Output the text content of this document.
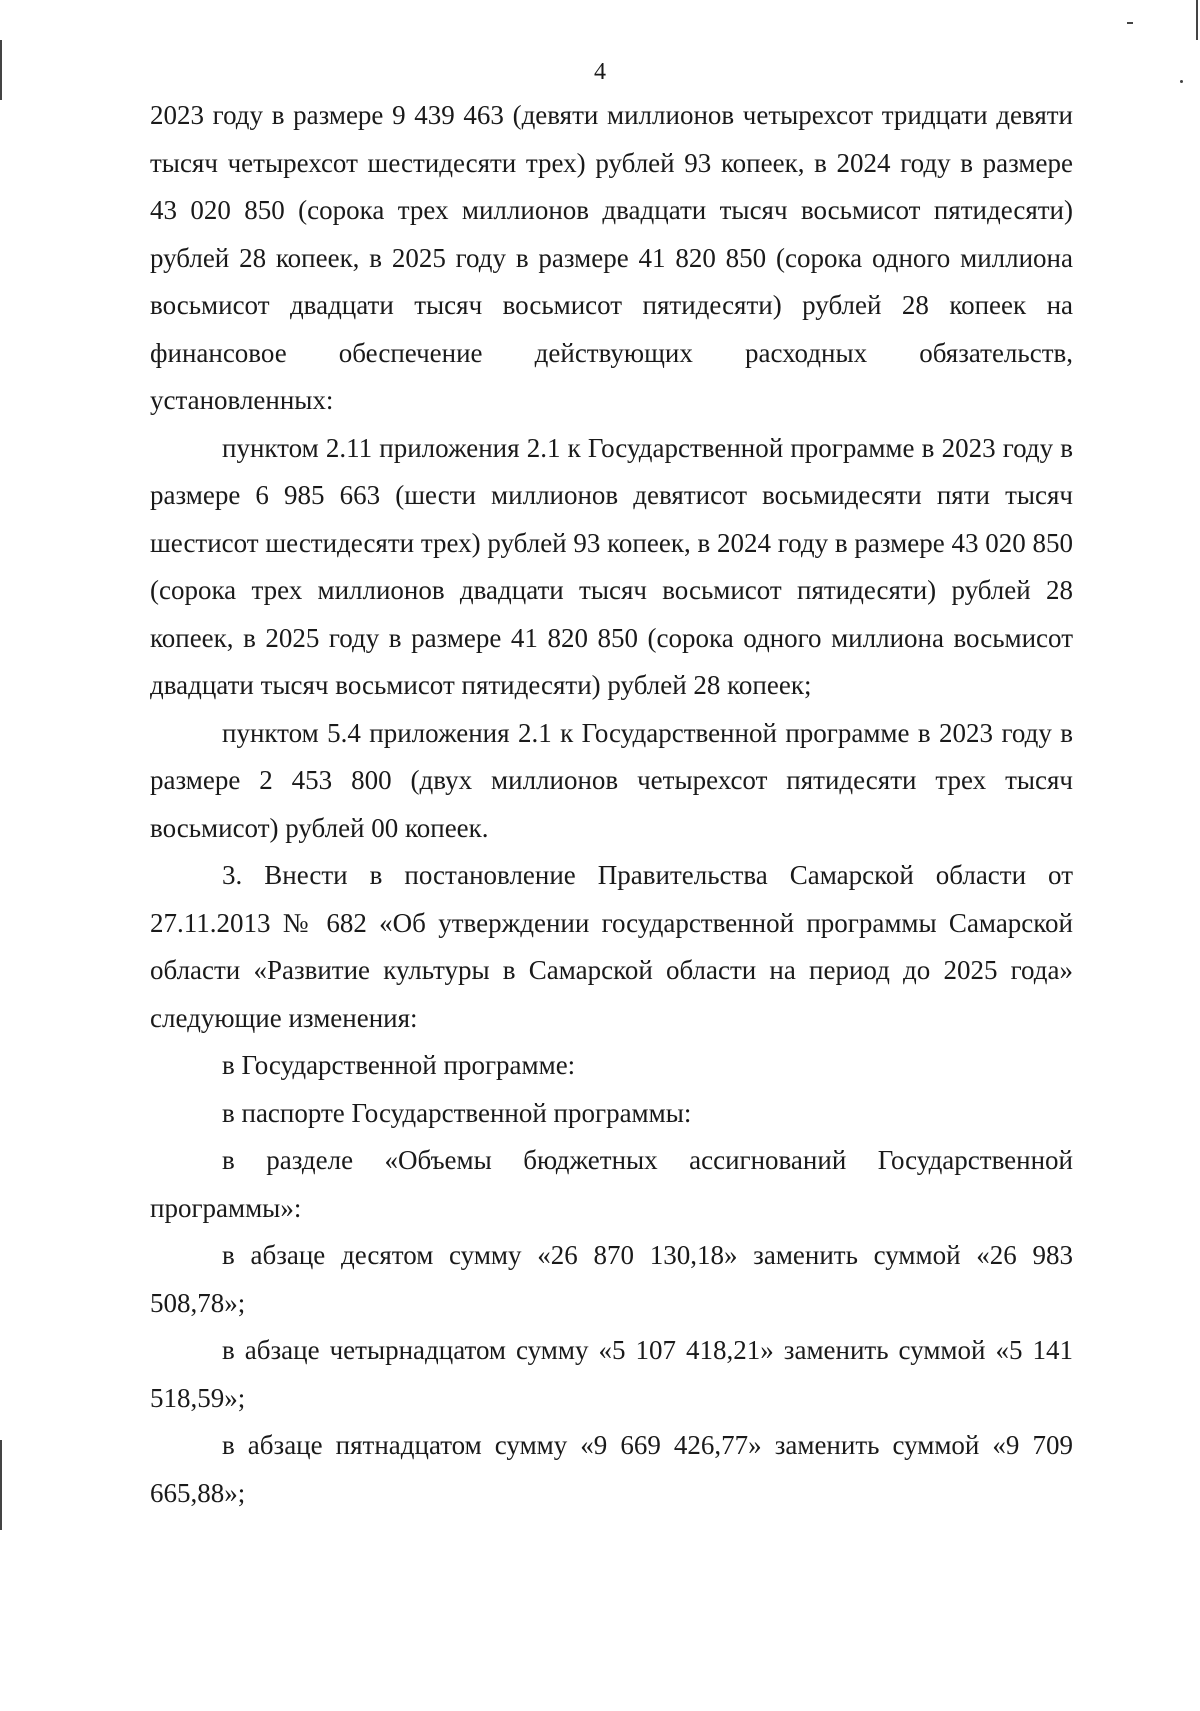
4

2023 году в размере 9 439 463 (девяти миллионов четырехсот тридцати девяти тысяч четырехсот шестидесяти трех) рублей 93 копеек, в 2024 году в размере 43 020 850 (сорока трех миллионов двадцати тысяч восьмисот пятидесяти) рублей 28 копеек, в 2025 году в размере 41 820 850 (сорока одного миллиона восьмисот двадцати тысяч восьмисот пятидесяти) рублей 28 копеек на финансовое обеспечение действующих расходных обязательств, установленных:

пунктом 2.11 приложения 2.1 к Государственной программе в 2023 году в размере 6 985 663 (шести миллионов девятисот восьмидесяти пяти тысяч шестисот шестидесяти трех) рублей 93 копеек, в 2024 году в размере 43 020 850 (сорока трех миллионов двадцати тысяч восьмисот пятидесяти) рублей 28 копеек, в 2025 году в размере 41 820 850 (сорока одного миллиона восьмисот двадцати тысяч восьмисот пятидесяти) рублей 28 копеек;

пунктом 5.4 приложения 2.1 к Государственной программе в 2023 году в размере 2 453 800 (двух миллионов четырехсот пятидесяти трех тысяч восьмисот) рублей 00 копеек.

3. Внести в постановление Правительства Самарской области от 27.11.2013 № 682 «Об утверждении государственной программы Самарской области «Развитие культуры в Самарской области на период до 2025 года» следующие изменения:

в Государственной программе:

в паспорте Государственной программы:

в разделе «Объемы бюджетных ассигнований Государственной программы»:

в абзаце десятом сумму «26 870 130,18» заменить суммой «26 983 508,78»;

в абзаце четырнадцатом сумму «5 107 418,21» заменить суммой «5 141 518,59»;

в абзаце пятнадцатом сумму «9 669 426,77» заменить суммой «9 709 665,88»;
